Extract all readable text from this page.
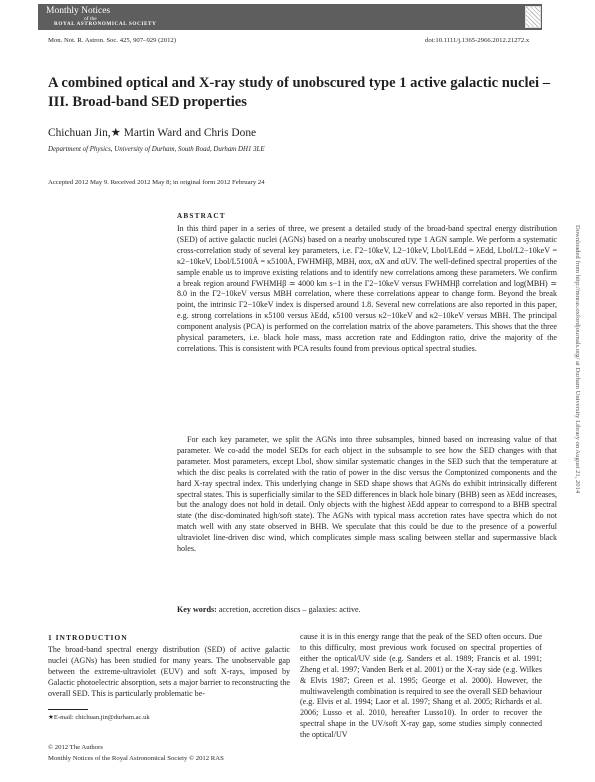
Monthly Notices
of the
ROYAL ASTRONOMICAL SOCIETY
Mon. Not. R. Astron. Soc. 425, 907–929 (2012)	doi:10.1111/j.1365-2966.2012.21272.x
A combined optical and X-ray study of unobscured type 1 active galactic nuclei – III. Broad-band SED properties
Chichuan Jin,★ Martin Ward and Chris Done
Department of Physics, University of Durham, South Road, Durham DH1 3LE
Accepted 2012 May 9. Received 2012 May 8; in original form 2012 February 24
ABSTRACT

In this third paper in a series of three, we present a detailed study of the broad-band spectral energy distribution (SED) of active galactic nuclei (AGNs) based on a nearby unobscured type 1 AGN sample. We perform a systematic cross-correlation study of several key parameters, i.e. Γ2−10keV, L2−10keV, Lbol/LEdd = λEdd, Lbol/L2−10keV = κ2−10keV, Lbol/L5100Å = κ5100Å, FWHMHβ, MBH, αox, αX and αUV. The well-defined spectral properties of the sample enable us to improve existing relations and to identify new correlations among these parameters. We confirm a break region around FWHMHβ ≃ 4000 km s−1 in the Γ2−10keV versus FWHMHβ correlation and log(MBH) ≃ 8.0 in the Γ2−10keV versus MBH correlation, where these correlations appear to change form. Beyond the break point, the intrinsic Γ2−10keV index is dispersed around 1.8. Several new correlations are also reported in this paper, e.g. strong correlations in κ5100 versus λEdd, κ5100 versus κ2−10keV and κ2−10keV versus MBH. The principal component analysis (PCA) is performed on the correlation matrix of the above parameters. This shows that the three physical parameters, i.e. black hole mass, mass accretion rate and Eddington ratio, drive the majority of the correlations. This is consistent with PCA results found from previous optical spectral studies.

For each key parameter, we split the AGNs into three subsamples, binned based on increasing value of that parameter. We co-add the model SEDs for each object in the subsample to see how the SED changes with that parameter. Most parameters, except Lbol, show similar systematic changes in the SED such that the temperature at which the disc peaks is correlated with the ratio of power in the disc versus the Comptonized components and the hard X-ray spectral index. This underlying change in SED shape shows that AGNs do exhibit intrinsically different spectral states. This is superficially similar to the SED differences in black hole binary (BHB) seen as λEdd increases, but the analogy does not hold in detail. Only objects with the highest λEdd appear to correspond to a BHB spectral state (the disc-dominated high/soft state). The AGNs with typical mass accretion rates have spectra which do not match well with any state observed in BHB. We speculate that this could be due to the presence of a powerful ultraviolet line-driven disc wind, which complicates simple mass scaling between stellar and supermassive black holes.

Key words: accretion, accretion discs – galaxies: active.
1 INTRODUCTION

The broad-band spectral energy distribution (SED) of active galactic nuclei (AGNs) has been studied for many years. The unobservable gap between the extreme-ultraviolet (EUV) and soft X-rays, imposed by Galactic photoelectric absorption, sets a major barrier to reconstructing the overall SED. This is particularly problematic be-

cause it is in this energy range that the peak of the SED often occurs. Due to this difficulty, most previous work focused on spectral properties of either the optical/UV side (e.g. Sanders et al. 1989; Francis et al. 1991; Zheng et al. 1997; Vanden Berk et al. 2001) or the X-ray side (e.g. Wilkes & Elvis 1987; Green et al. 1995; George et al. 2000). However, the multiwavelength combination is required to see the overall SED behaviour (e.g. Elvis et al. 1994; Laor et al. 1997; Shang et al. 2005; Richards et al. 2006; Lusso et al. 2010, hereafter Lusso10). In order to recover the spectral shape in the UV/soft X-ray gap, some studies simply connected the optical/UV

★E-mail: chichuan.jin@durham.ac.uk
© 2012 The Authors
Monthly Notices of the Royal Astronomical Society © 2012 RAS
Downloaded from http://mnras.oxfordjournals.org/ at Durham University Library on August 21, 2014
